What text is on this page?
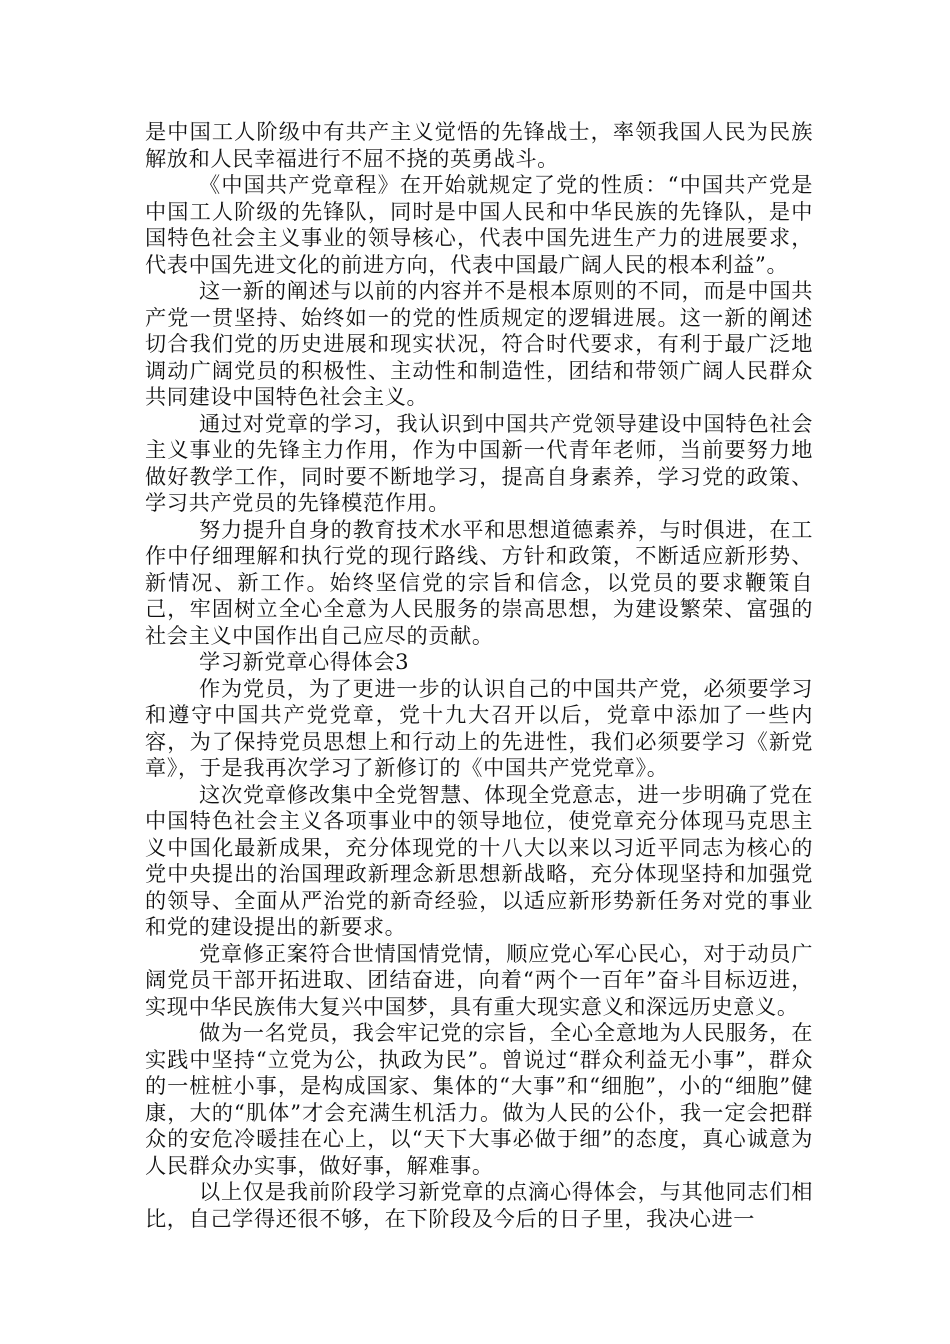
是中国工人阶级中有共产主义觉悟的先锋战士，率领我国人民为民族解放和人民幸福进行不屈不挠的英勇战斗。

《中国共产党章程》在开始就规定了党的性质：“中国共产党是中国工人阶级的先锋队，同时是中国人民和中华民族的先锋队，是中国特色社会主义事业的领导核心，代表中国先进生产力的进展要求，代表中国先进文化的前进方向，代表中国最广阔人民的根本利益”。

这一新的阐述与以前的内容并不是根本原则的不同，而是中国共产党一贯坚持、始终如一的党的性质规定的逻辑进展。这一新的阐述切合我们党的历史进展和现实状况，符合时代要求，有利于最广泛地调动广阔党员的积极性、主动性和制造性，团结和带领广阔人民群众共同建设中国特色社会主义。

通过对党章的学习，我认识到中国共产党领导建设中国特色社会主义事业的先锋主力作用，作为中国新一代青年老师，当前要努力地做好教学工作，同时要不断地学习，提高自身素养，学习党的政策、学习共产党员的先锋模范作用。

努力提升自身的教育技术水平和思想道德素养，与时俱进，在工作中仔细理解和执行党的现行路线、方针和政策，不断适应新形势、新情况、新工作。始终坚信党的宗旨和信念，以党员的要求鞭策自己，牢固树立全心全意为人民服务的崇高思想，为建设繁荣、富强的社会主义中国作出自己应尽的贡献。

学习新党章心得体会3

作为党员，为了更进一步的认识自己的中国共产党，必须要学习和遵守中国共产党党章，党十九大召开以后，党章中添加了一些内容，为了保持党员思想上和行动上的先进性，我们必须要学习《新党章》，于是我再次学习了新修订的《中国共产党党章》。

这次党章修改集中全党智慧、体现全党意志，进一步明确了党在中国特色社会主义各项事业中的领导地位，使党章充分体现马克思主义中国化最新成果，充分体现党的十八大以来以习近平同志为核心的党中央提出的治国理政新理念新思想新战略，充分体现坚持和加强党的领导、全面从严治党的新奇经验，以适应新形势新任务对党的事业和党的建设提出的新要求。

党章修正案符合世情国情党情，顺应党心军心民心，对于动员广阔党员干部开拓进取、团结奋进，向着“两个一百年”奋斗目标迈进，实现中华民族伟大复兴中国梦，具有重大现实意义和深远历史意义。

做为一名党员，我会牢记党的宗旨，全心全意地为人民服务，在实践中坚持“立党为公，执政为民”。曾说过“群众利益无小事”，群众的一桩桩小事，是构成国家、集体的“大事”和“细胞”，小的“细胞”健康，大的“肌体”才会充满生机活力。做为人民的公仆，我一定会把群众的安危冷暖挂在心上，以“天下大事必做于细”的态度，真心诚意为人民群众办实事，做好事，解难事。

以上仅是我前阶段学习新党章的点滴心得体会，与其他同志们相比，自己学得还很不够，在下阶段及今后的日子里，我决心进一
